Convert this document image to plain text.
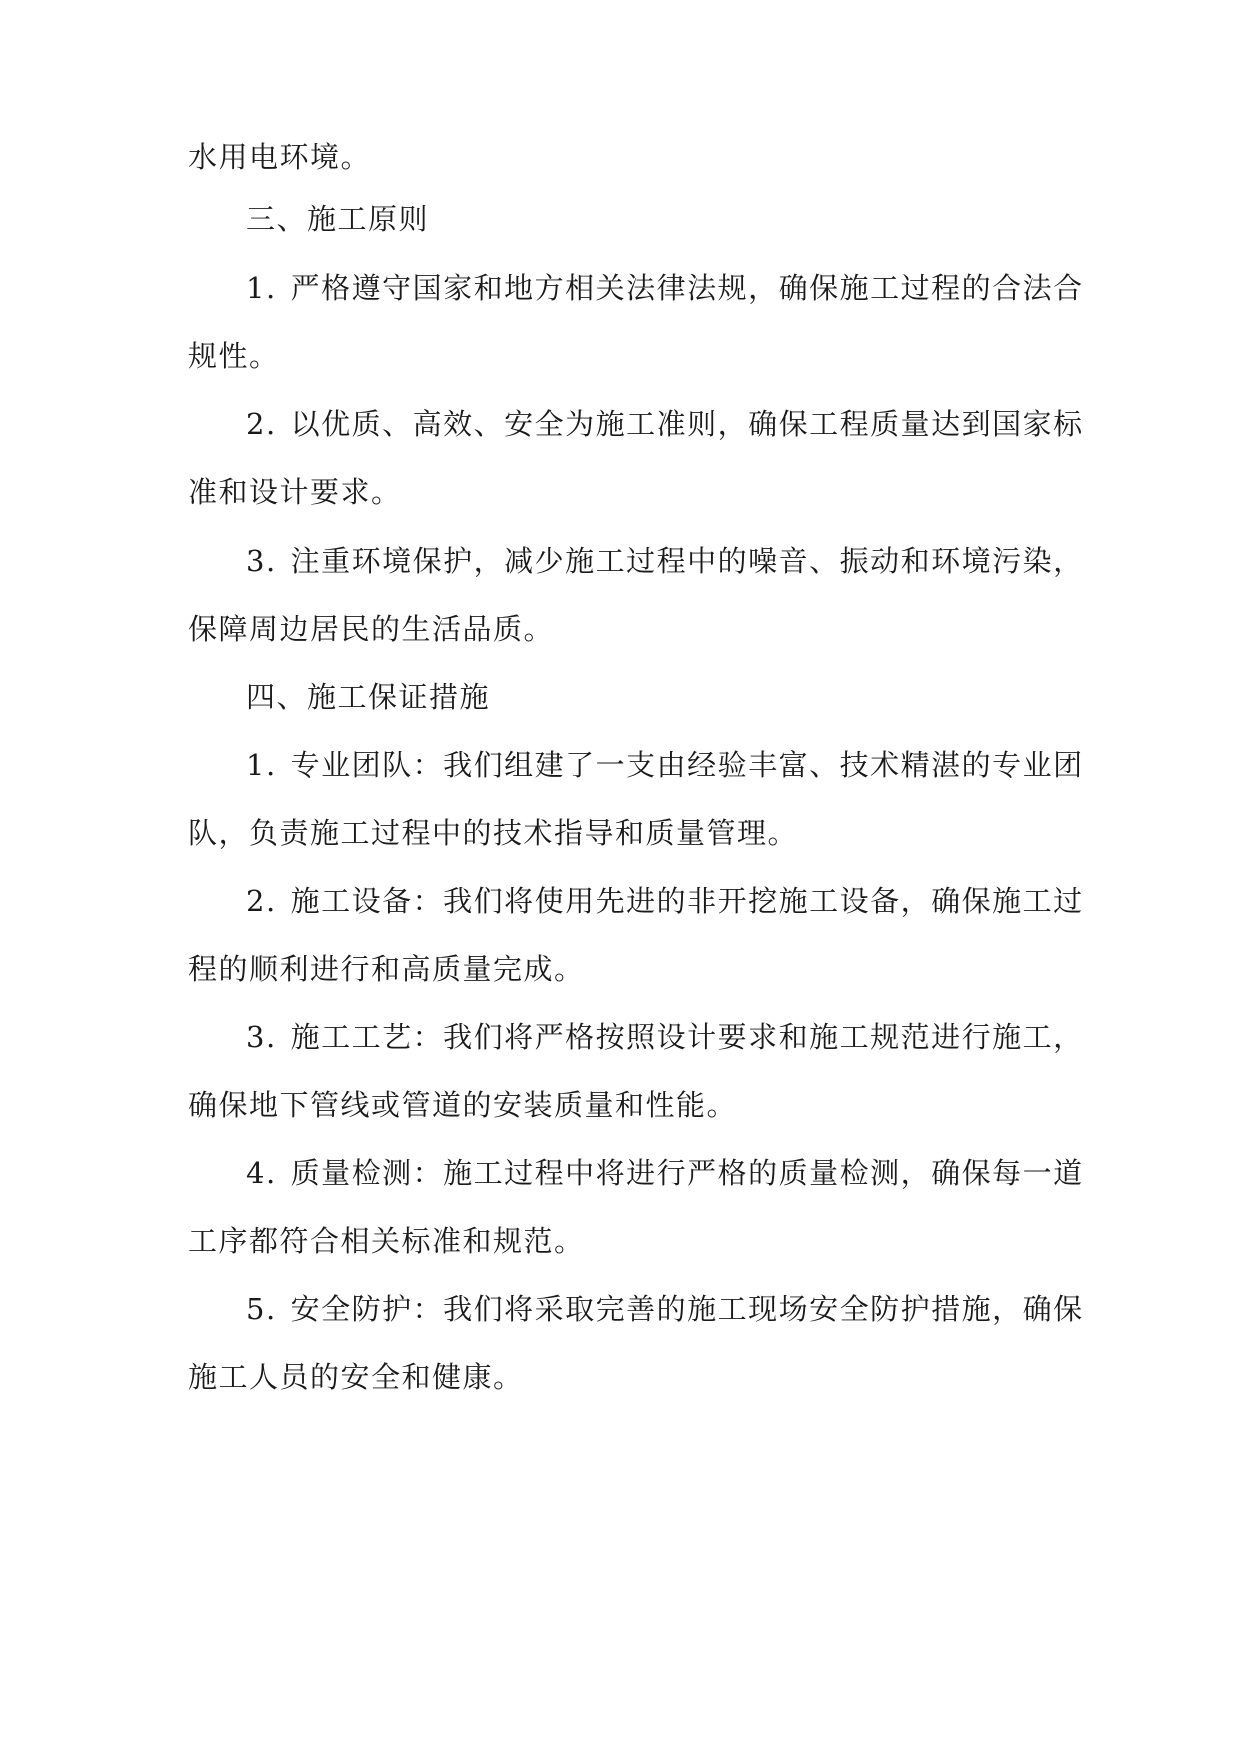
水用电环境。
三、施工原则
1. 严格遵守国家和地方相关法律法规，确保施工过程的合法合
规性。
2. 以优质、高效、安全为施工准则，确保工程质量达到国家标
准和设计要求。
3. 注重环境保护，减少施工过程中的噪音、振动和环境污染，
保障周边居民的生活品质。
四、施工保证措施
1. 专业团队：我们组建了一支由经验丰富、技术精湛的专业团
队，负责施工过程中的技术指导和质量管理。
2. 施工设备：我们将使用先进的非开挖施工设备，确保施工过
程的顺利进行和高质量完成。
3. 施工工艺：我们将严格按照设计要求和施工规范进行施工，
确保地下管线或管道的安装质量和性能。
4. 质量检测：施工过程中将进行严格的质量检测，确保每一道
工序都符合相关标准和规范。
5. 安全防护：我们将采取完善的施工现场安全防护措施，确保
施工人员的安全和健康。
